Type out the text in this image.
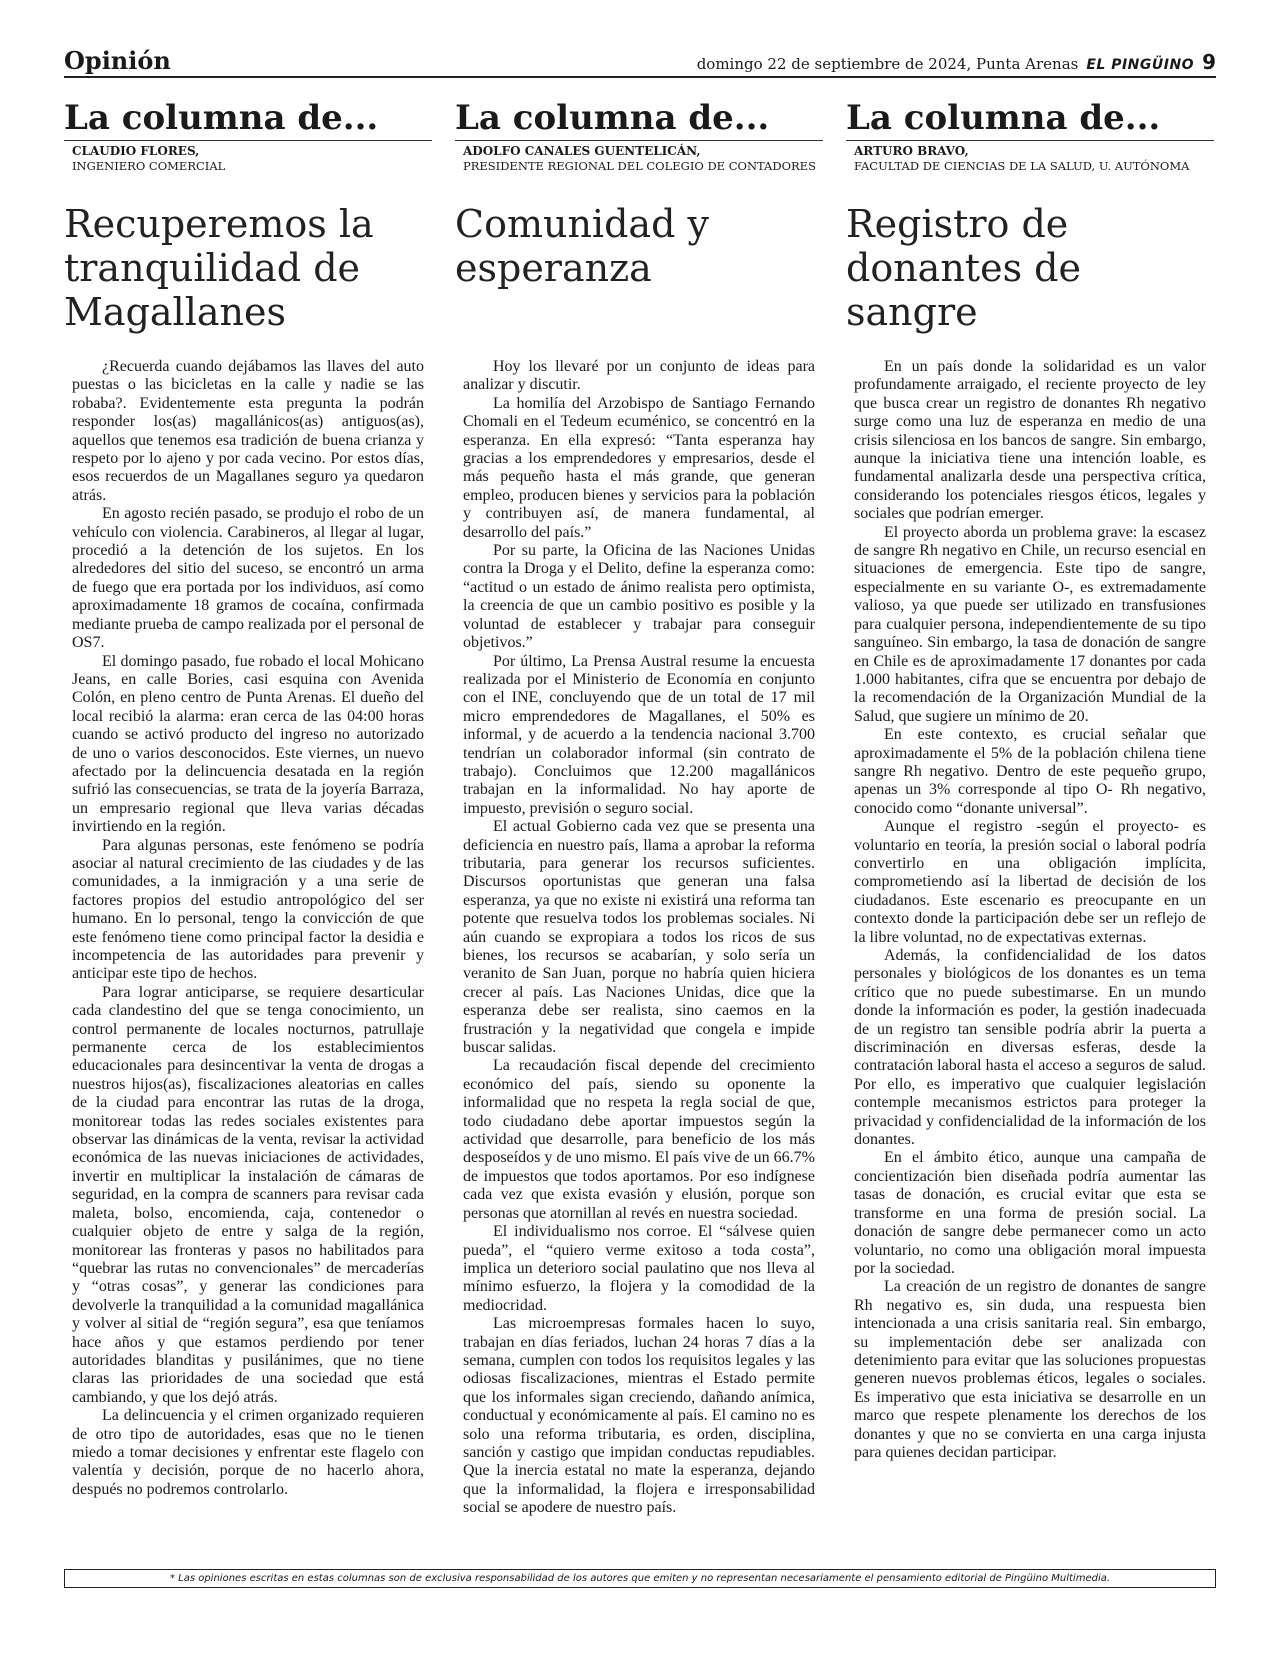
Opinión	domingo 22 de septiembre de 2024, Punta Arenas EL PINGÜINO 9
La columna de...
CLAUDIO FLORES,
INGENIERO COMERCIAL
Recuperemos la tranquilidad de Magallanes

¿Recuerda cuando dejábamos las llaves del auto puestas o las bicicletas en la calle y nadie se las robaba?. Evidentemente esta pregunta la podrán responder los(as) magallánicos(as) antiguos(as), aquellos que tenemos esa tradición de buena crianza y respeto por lo ajeno y por cada vecino. Por estos días, esos recuerdos de un Magallanes seguro ya quedaron atrás.

En agosto recién pasado, se produjo el robo de un vehículo con violencia. Carabineros, al llegar al lugar, procedió a la detención de los sujetos. En los alrededores del sitio del suceso, se encontró un arma de fuego que era portada por los individuos, así como aproximadamente 18 gramos de cocaína, confirmada mediante prueba de campo realizada por el personal de OS7.

El domingo pasado, fue robado el local Mohicano Jeans, en calle Bories, casi esquina con Avenida Colón, en pleno centro de Punta Arenas. El dueño del local recibió la alarma: eran cerca de las 04:00 horas cuando se activó producto del ingreso no autorizado de uno o varios desconocidos. Este viernes, un nuevo afectado por la delincuencia desatada en la región sufrió las consecuencias, se trata de la joyería Barraza, un empresario regional que lleva varias décadas invirtiendo en la región.

Para algunas personas, este fenómeno se podría asociar al natural crecimiento de las ciudades y de las comunidades, a la inmigración y a una serie de factores propios del estudio antropológico del ser humano. En lo personal, tengo la convicción de que este fenómeno tiene como principal factor la desidia e incompetencia de las autoridades para prevenir y anticipar este tipo de hechos.

Para lograr anticiparse, se requiere desarticular cada clandestino del que se tenga conocimiento, un control permanente de locales nocturnos, patrullaje permanente cerca de los establecimientos educacionales para desincentivar la venta de drogas a nuestros hijos(as), fiscalizaciones aleatorias en calles de la ciudad para encontrar las rutas de la droga, monitorear todas las redes sociales existentes para observar las dinámicas de la venta, revisar la actividad económica de las nuevas iniciaciones de actividades, invertir en multiplicar la instalación de cámaras de seguridad, en la compra de scanners para revisar cada maleta, bolso, encomienda, caja, contenedor o cualquier objeto de entre y salga de la región, monitorear las fronteras y pasos no habilitados para “quebrar las rutas no convencionales” de mercaderías y “otras cosas”, y generar las condiciones para devolverle la tranquilidad a la comunidad magallánica y volver al sitial de “región segura”, esa que teníamos hace años y que estamos perdiendo por tener autoridades blanditas y pusilánimes, que no tiene claras las prioridades de una sociedad que está cambiando, y que los dejó atrás.

La delincuencia y el crimen organizado requieren de otro tipo de autoridades, esas que no le tienen miedo a tomar decisiones y enfrentar este flagelo con valentía y decisión, porque de no hacerlo ahora, después no podremos controlarlo.

La columna de...
ADOLFO CANALES GUENTELICÁN,
PRESIDENTE REGIONAL DEL COLEGIO DE CONTADORES
Comunidad y esperanza

Hoy los llevaré por un conjunto de ideas para analizar y discutir.

La homilía del Arzobispo de Santiago Fernando Chomali en el Tedeum ecuménico, se concentró en la esperanza. En ella expresó: “Tanta esperanza hay gracias a los emprendedores y empresarios, desde el más pequeño hasta el más grande, que generan empleo, producen bienes y servicios para la población y contribuyen así, de manera fundamental, al desarrollo del país.”

Por su parte, la Oficina de las Naciones Unidas contra la Droga y el Delito, define la esperanza como: “actitud o un estado de ánimo realista pero optimista, la creencia de que un cambio positivo es posible y la voluntad de establecer y trabajar para conseguir objetivos.”

Por último, La Prensa Austral resume la encuesta realizada por el Ministerio de Economía en conjunto con el INE, concluyendo que de un total de 17 mil micro emprendedores de Magallanes, el 50% es informal, y de acuerdo a la tendencia nacional 3.700 tendrían un colaborador informal (sin contrato de trabajo). Concluimos que 12.200 magallánicos trabajan en la informalidad. No hay aporte de impuesto, previsión o seguro social.

El actual Gobierno cada vez que se presenta una deficiencia en nuestro país, llama a aprobar la reforma tributaria, para generar los recursos suficientes. Discursos oportunistas que generan una falsa esperanza, ya que no existe ni existirá una reforma tan potente que resuelva todos los problemas sociales. Ni aún cuando se expropiara a todos los ricos de sus bienes, los recursos se acabarían, y solo sería un veranito de San Juan, porque no habría quien hiciera crecer al país. Las Naciones Unidas, dice que la esperanza debe ser realista, sino caemos en la frustración y la negatividad que congela e impide buscar salidas.

La recaudación fiscal depende del crecimiento económico del país, siendo su oponente la informalidad que no respeta la regla social de que, todo ciudadano debe aportar impuestos según la actividad que desarrolle, para beneficio de los más desposeídos y de uno mismo. El país vive de un 66.7% de impuestos que todos aportamos. Por eso indígnese cada vez que exista evasión y elusión, porque son personas que atornillan al revés en nuestra sociedad.

El individualismo nos corroe. El “sálvese quien pueda”, el “quiero verme exitoso a toda costa”, implica un deterioro social paulatino que nos lleva al mínimo esfuerzo, la flojera y la comodidad de la mediocridad.

Las microempresas formales hacen lo suyo, trabajan en días feriados, luchan 24 horas 7 días a la semana, cumplen con todos los requisitos legales y las odiosas fiscalizaciones, mientras el Estado permite que los informales sigan creciendo, dañando anímica, conductual y económicamente al país. El camino no es solo una reforma tributaria, es orden, disciplina, sanción y castigo que impidan conductas repudiables. Que la inercia estatal no mate la esperanza, dejando que la informalidad, la flojera e irresponsabilidad social se apodere de nuestro país.

La columna de...
ARTURO BRAVO,
FACULTAD DE CIENCIAS DE LA SALUD, U. AUTÓNOMA
Registro de donantes de sangre

En un país donde la solidaridad es un valor profundamente arraigado, el reciente proyecto de ley que busca crear un registro de donantes Rh negativo surge como una luz de esperanza en medio de una crisis silenciosa en los bancos de sangre. Sin embargo, aunque la iniciativa tiene una intención loable, es fundamental analizarla desde una perspectiva crítica, considerando los potenciales riesgos éticos, legales y sociales que podrían emerger.

El proyecto aborda un problema grave: la escasez de sangre Rh negativo en Chile, un recurso esencial en situaciones de emergencia. Este tipo de sangre, especialmente en su variante O-, es extremadamente valioso, ya que puede ser utilizado en transfusiones para cualquier persona, independientemente de su tipo sanguíneo. Sin embargo, la tasa de donación de sangre en Chile es de aproximadamente 17 donantes por cada 1.000 habitantes, cifra que se encuentra por debajo de la recomendación de la Organización Mundial de la Salud, que sugiere un mínimo de 20.

En este contexto, es crucial señalar que aproximadamente el 5% de la población chilena tiene sangre Rh negativo. Dentro de este pequeño grupo, apenas un 3% corresponde al tipo O- Rh negativo, conocido como “donante universal”.

Aunque el registro -según el proyecto- es voluntario en teoría, la presión social o laboral podría convertirlo en una obligación implícita, comprometiendo así la libertad de decisión de los ciudadanos. Este escenario es preocupante en un contexto donde la participación debe ser un reflejo de la libre voluntad, no de expectativas externas.

Además, la confidencialidad de los datos personales y biológicos de los donantes es un tema crítico que no puede subestimarse. En un mundo donde la información es poder, la gestión inadecuada de un registro tan sensible podría abrir la puerta a discriminación en diversas esferas, desde la contratación laboral hasta el acceso a seguros de salud. Por ello, es imperativo que cualquier legislación contemple mecanismos estrictos para proteger la privacidad y confidencialidad de la información de los donantes.

En el ámbito ético, aunque una campaña de concientización bien diseñada podría aumentar las tasas de donación, es crucial evitar que esta se transforme en una forma de presión social. La donación de sangre debe permanecer como un acto voluntario, no como una obligación moral impuesta por la sociedad.

La creación de un registro de donantes de sangre Rh negativo es, sin duda, una respuesta bien intencionada a una crisis sanitaria real. Sin embargo, su implementación debe ser analizada con detenimiento para evitar que las soluciones propuestas generen nuevos problemas éticos, legales o sociales. Es imperativo que esta iniciativa se desarrolle en un marco que respete plenamente los derechos de los donantes y que no se convierta en una carga injusta para quienes decidan participar.

* Las opiniones escritas en estas columnas son de exclusiva responsabilidad de los autores que emiten y no representan necesariamente el pensamiento editorial de Pingüino Multimedia.
